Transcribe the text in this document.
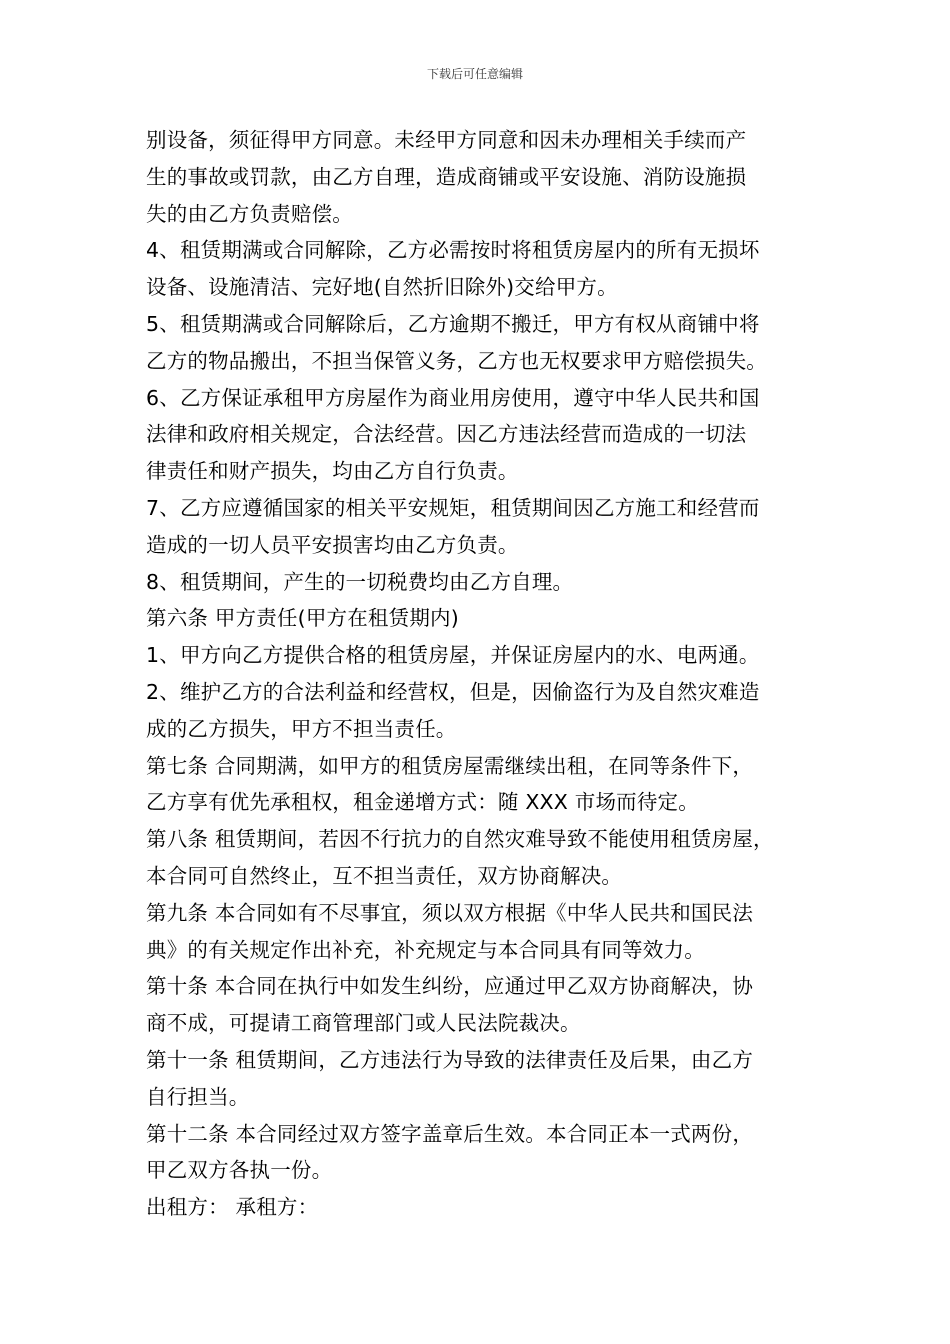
下载后可任意编辑
别设备，须征得甲方同意。未经甲方同意和因未办理相关手续而产
生的事故或罚款，由乙方自理，造成商铺或平安设施、消防设施损
失的由乙方负责赔偿。
4、租赁期满或合同解除，乙方必需按时将租赁房屋内的所有无损坏
设备、设施清洁、完好地(自然折旧除外)交给甲方。
5、租赁期满或合同解除后，乙方逾期不搬迁，甲方有权从商铺中将
乙方的物品搬出，不担当保管义务，乙方也无权要求甲方赔偿损失。
6、乙方保证承租甲方房屋作为商业用房使用，遵守中华人民共和国
法律和政府相关规定，合法经营。因乙方违法经营而造成的一切法
律责任和财产损失，均由乙方自行负责。
7、乙方应遵循国家的相关平安规矩，租赁期间因乙方施工和经营而
造成的一切人员平安损害均由乙方负责。
8、租赁期间，产生的一切税费均由乙方自理。
第六条 甲方责任(甲方在租赁期内)
1、甲方向乙方提供合格的租赁房屋，并保证房屋内的水、电两通。
2、维护乙方的合法利益和经营权，但是，因偷盗行为及自然灾难造
成的乙方损失，甲方不担当责任。
第七条 合同期满，如甲方的租赁房屋需继续出租，在同等条件下，
乙方享有优先承租权，租金递增方式：随 XXX 市场而待定。
第八条 租赁期间，若因不行抗力的自然灾难导致不能使用租赁房屋，
本合同可自然终止，互不担当责任，双方协商解决。
第九条 本合同如有不尽事宜，须以双方根据《中华人民共和国民法
典》的有关规定作出补充，补充规定与本合同具有同等效力。
第十条 本合同在执行中如发生纠纷，应通过甲乙双方协商解决，协
商不成，可提请工商管理部门或人民法院裁决。
第十一条 租赁期间，乙方违法行为导致的法律责任及后果，由乙方
自行担当。
第十二条 本合同经过双方签字盖章后生效。本合同正本一式两份，
甲乙双方各执一份。
出租方： 承租方：
